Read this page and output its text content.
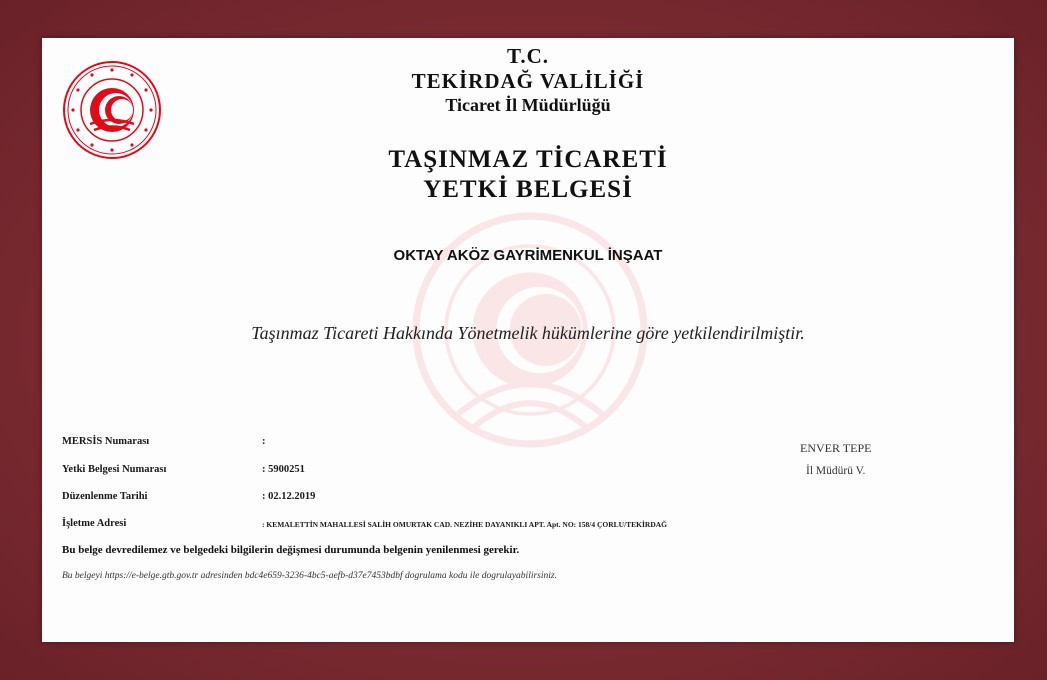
T.C.
TEKİRDAĞ VALİLİĞİ
Ticaret İl Müdürlüğü
TAŞINMAZ TİCARETİ
YETKİ BELGESİ
OKTAY AKÖZ GAYRİMENKUL İNŞAAT
Taşınmaz Ticareti Hakkında Yönetmelik hükümlerine göre yetkilendirilmiştir.
MERSİS Numarası	:
Yetki Belgesi Numarası	: 5900251
Düzenlenme Tarihi	: 02.12.2019
İşletme Adresi	: KEMALETTİN MAHALLESİ SALİH OMURTAK CAD. NEZİHE DAYANIKLI APT. Apt. NO: 158/4 ÇORLU/TEKİRDAĞ
ENVER TEPE
İl Müdürü V.
Bu belge devredilemez ve belgedeki bilgilerin değişmesi durumunda belgenin yenilenmesi gerekir.
Bu belgeyi https://e-belge.gtb.gov.tr adresinden bdc4e659-3236-4bc5-aefb-d37e7453bdbf dogrulama kodu ile dogrulayabilirsiniz.
